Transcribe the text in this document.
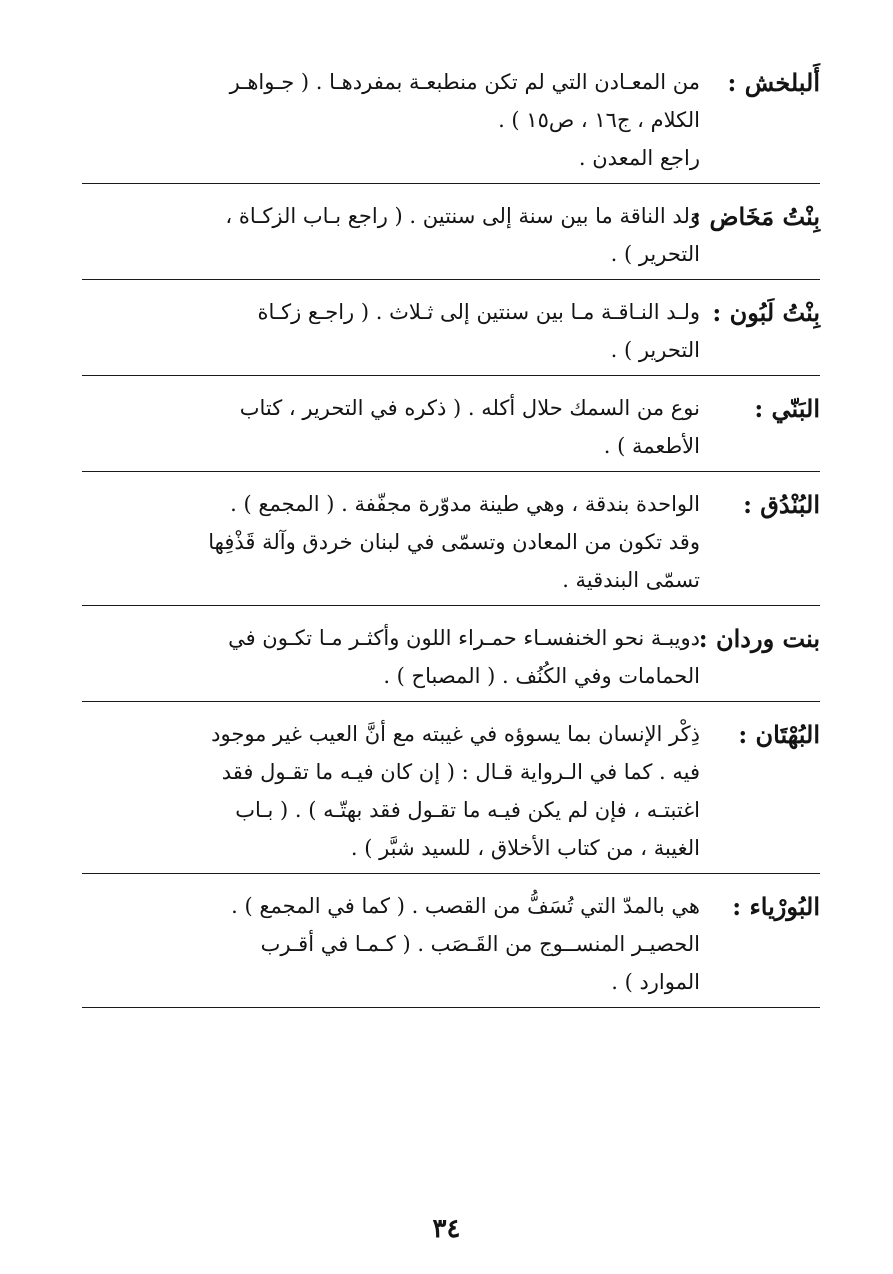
أَلبلخش :
من المعـادن التي لم تكن منطبعـة بمفردهـا . ( جـواهـر
الكلام ، ج١٦ ، ص١٥ ) .
راجع المعدن .
بِنْتُ مَخَاض :
وَلد الناقة ما بين سنة إلى سنتين . ( راجع بـاب الزكـاة ،
التحرير ) .
بِنْتُ لَبُون :
ولـد النـاقـة مـا بين سنتين إلى ثـلاث . ( راجـع زكـاة
التحرير ) .
البَنّي :
نوع من السمك حلال أكله . ( ذكره في التحرير ، كتاب
الأطعمة ) .
البُنْدُق :
الواحدة بندقة ، وهي طينة مدوّرة مجفّفة . ( المجمع ) .
وقد تكون من المعادن وتسمّى في لبنان خردق وآلة قَذْفِها
تسمّى البندقية .
بنت وردان :
دويبـة نحو الخنفسـاء حمـراء اللون وأكثـر مـا تكـون في
الحمامات وفي الكُنُف . ( المصباح ) .
البُهْتَان :
ذِكْر الإنسان بما يسوؤه في غيبته مع أنَّ العيب غير موجود
فيه . كما في الـرواية قـال : ( إن كان فيـه ما تقـول فقد
اغتبتـه ، فإن لم يكن فيـه ما تقـول فقد بهتّـه ) . ( بـاب
الغيبة ، من كتاب الأخلاق ، للسيد شبَّر ) .
البُورْياء :
هي بالمدّ التي تُسَفُّ من القصب . ( كما في المجمع ) .
الحصيـر المنســوج من القَـصَب . ( كـمـا في أقـرب
الموارد ) .
٣٤
